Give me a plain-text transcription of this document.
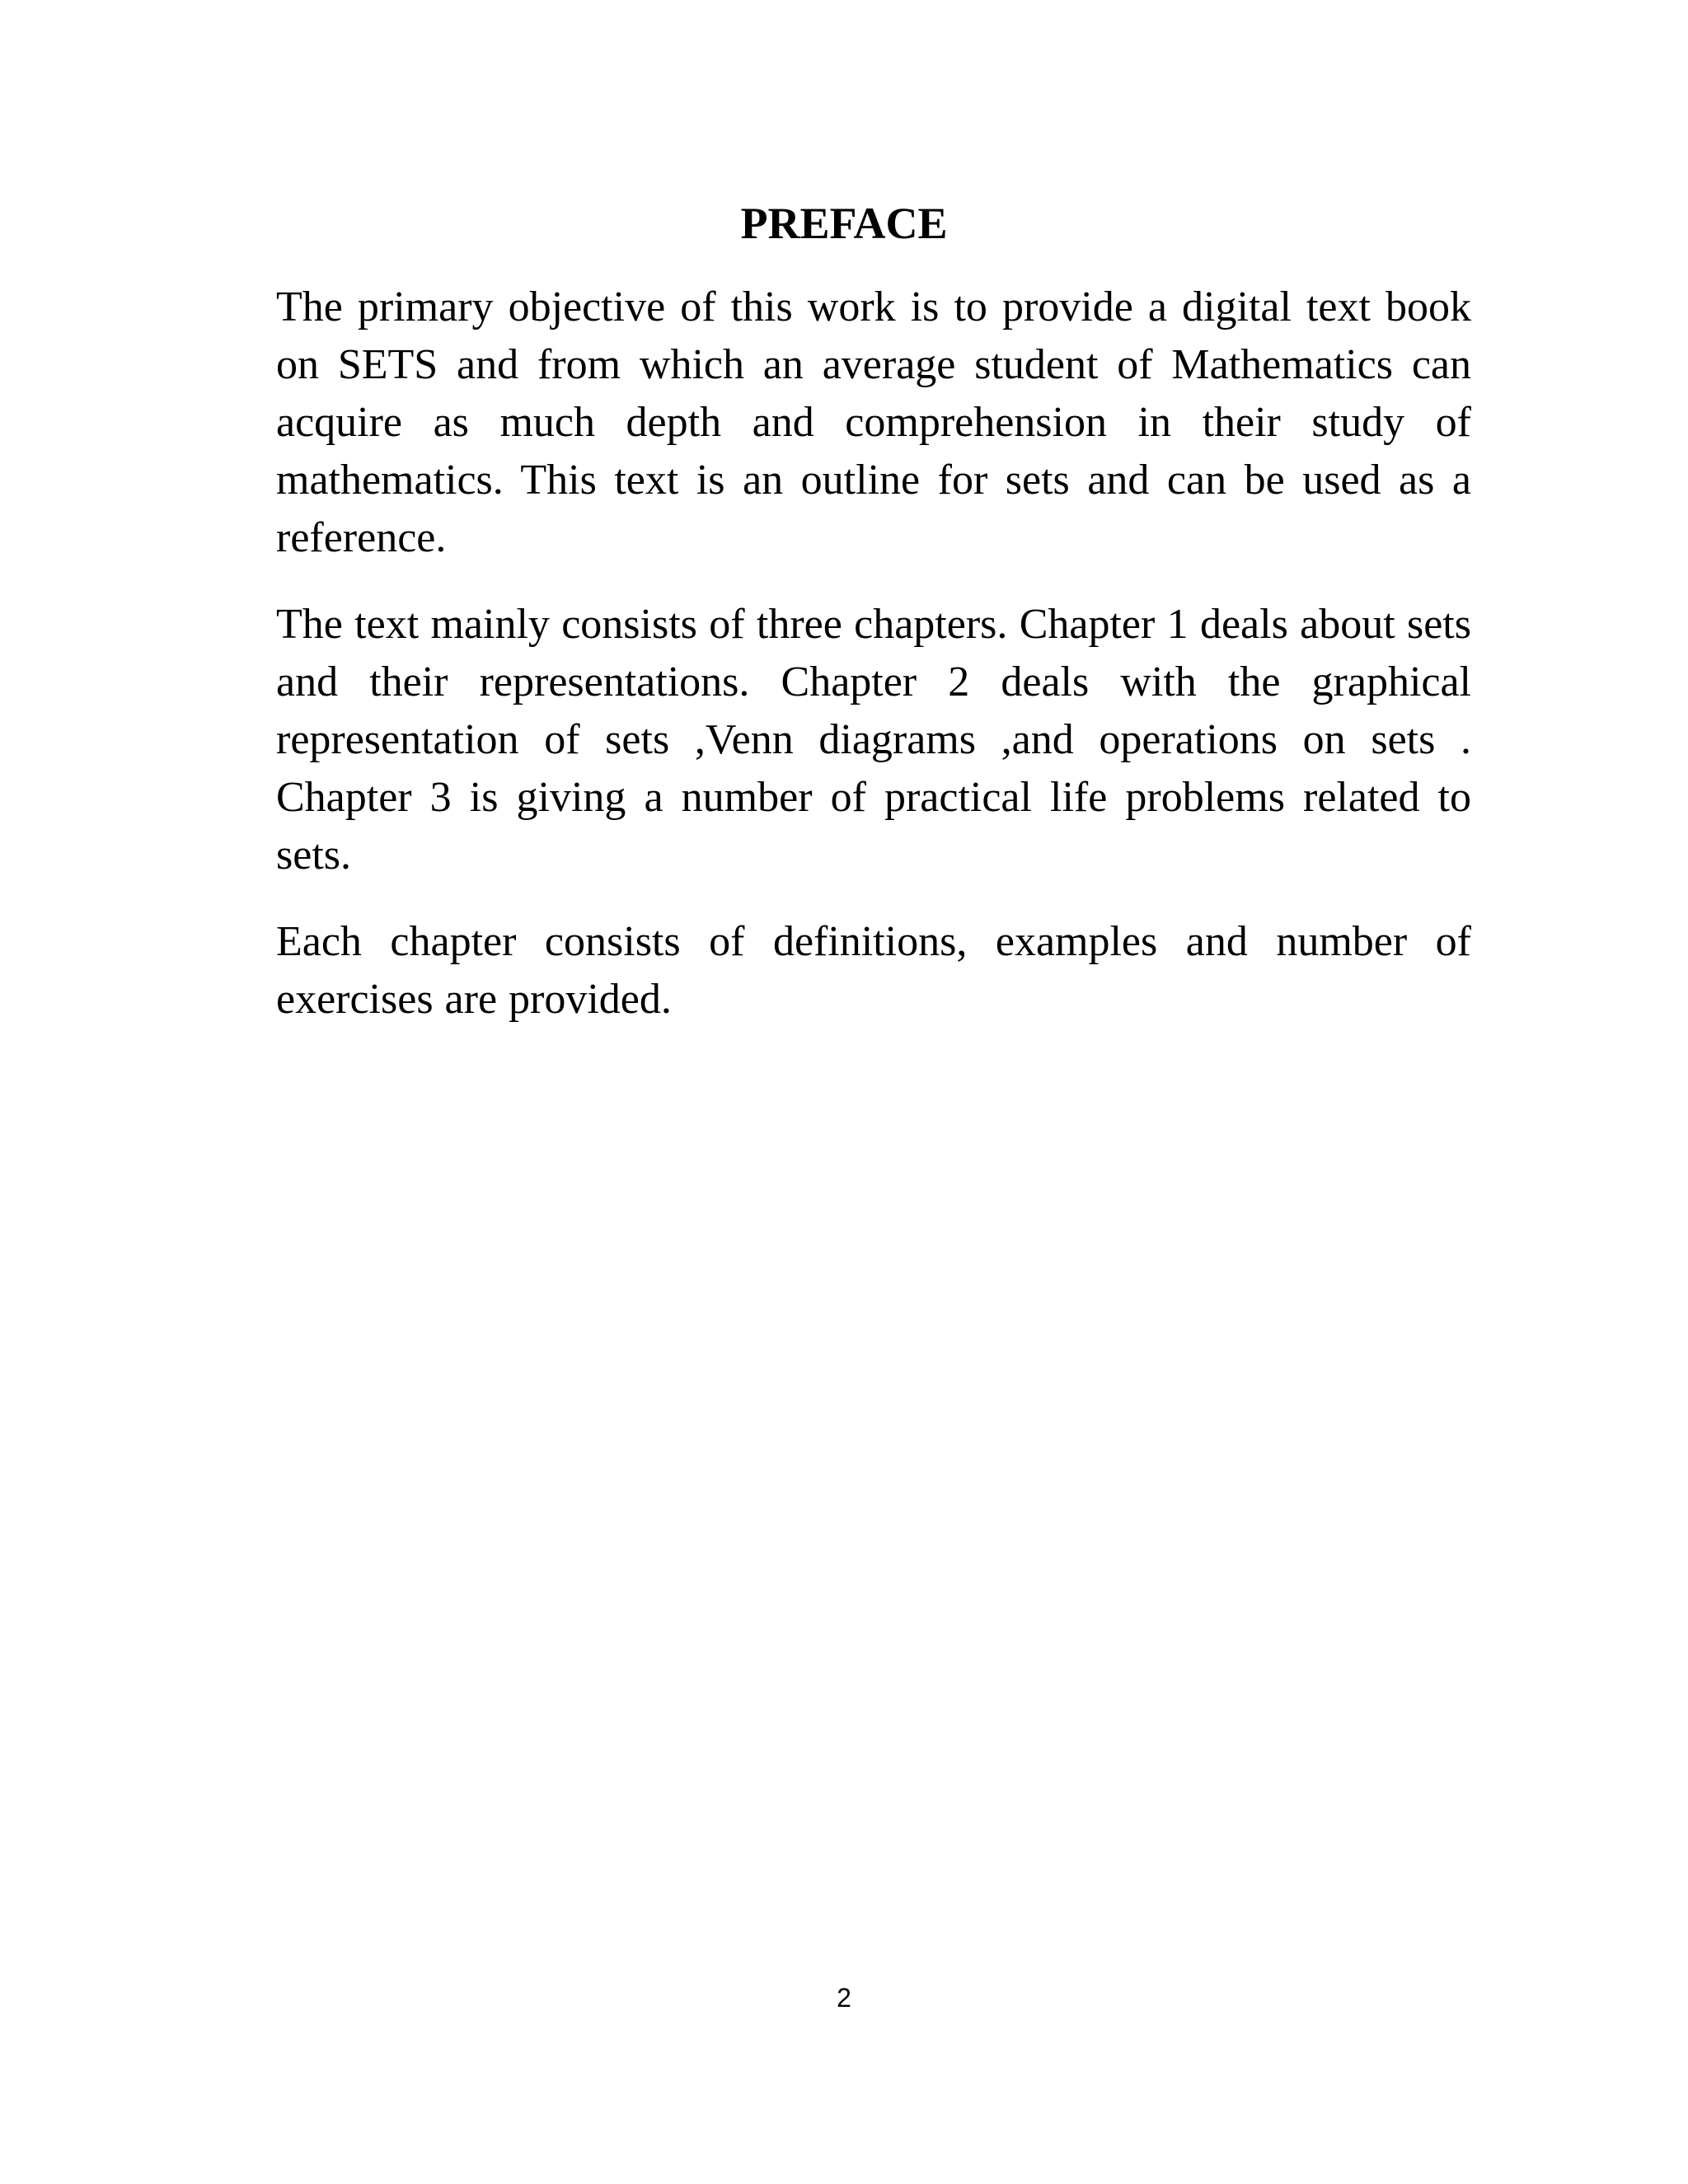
PREFACE

The primary objective of this work is to provide a digital text book on SETS and from which an average student of Mathematics can acquire as much depth and comprehension in their study of mathematics. This text is an outline for sets and can be used as a reference.

The text mainly consists of three chapters. Chapter 1 deals about sets and their representations. Chapter 2 deals with the graphical representation of sets ,Venn diagrams ,and operations on sets . Chapter 3 is giving a number of practical life problems related to sets.

Each chapter consists of definitions, examples and number of exercises are provided.

2
